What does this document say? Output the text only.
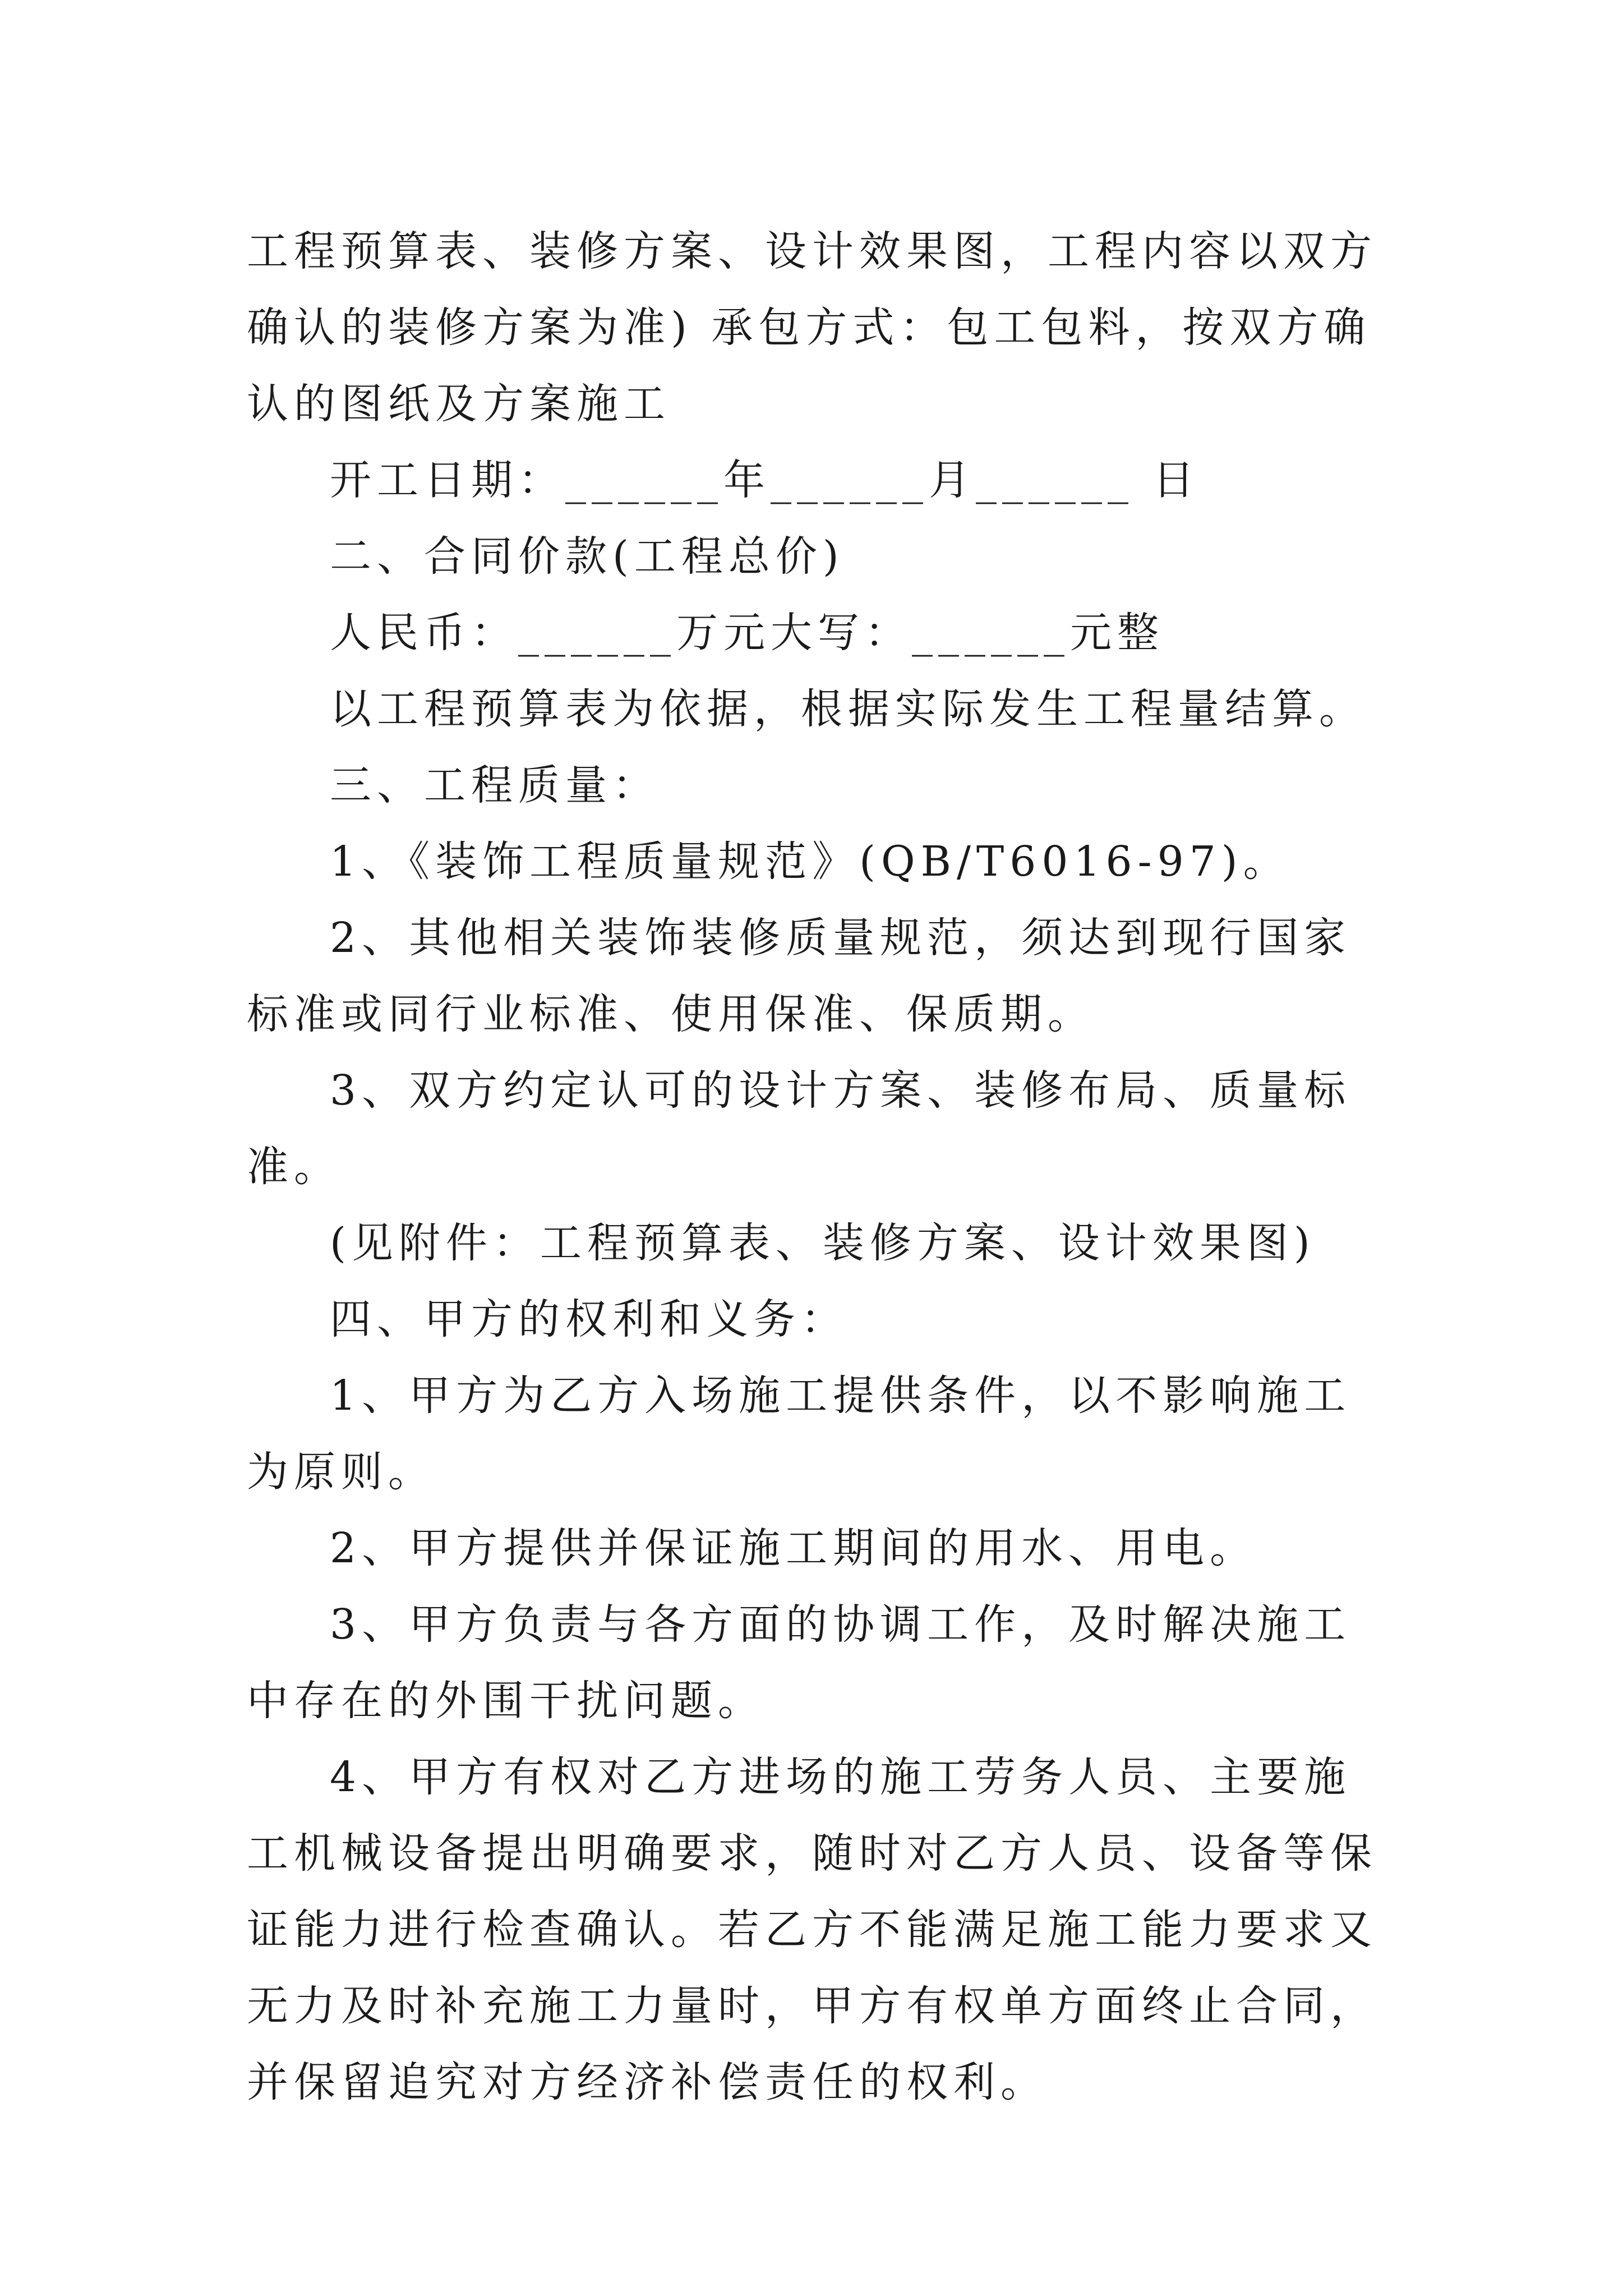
工程预算表、装修方案、设计效果图，工程内容以双方确认的装修方案为准) 承包方式：包工包料，按双方确认的图纸及方案施工

开工日期：______年______月______ 日

二、合同价款(工程总价)

人民币：______万元大写：______元整

以工程预算表为依据，根据实际发生工程量结算。

三、工程质量：

1、《装饰工程质量规范》(QB/T6016-97)。

2、其他相关装饰装修质量规范，须达到现行国家标准或同行业标准、使用保准、保质期。

3、双方约定认可的设计方案、装修布局、质量标准。

(见附件：工程预算表、装修方案、设计效果图)

四、甲方的权利和义务：

1、甲方为乙方入场施工提供条件，以不影响施工为原则。

2、甲方提供并保证施工期间的用水、用电。

3、甲方负责与各方面的协调工作，及时解决施工中存在的外围干扰问题。

4、甲方有权对乙方进场的施工劳务人员、主要施工机械设备提出明确要求，随时对乙方人员、设备等保证能力进行检查确认。若乙方不能满足施工能力要求又无力及时补充施工力量时，甲方有权单方面终止合同，并保留追究对方经济补偿责任的权利。
